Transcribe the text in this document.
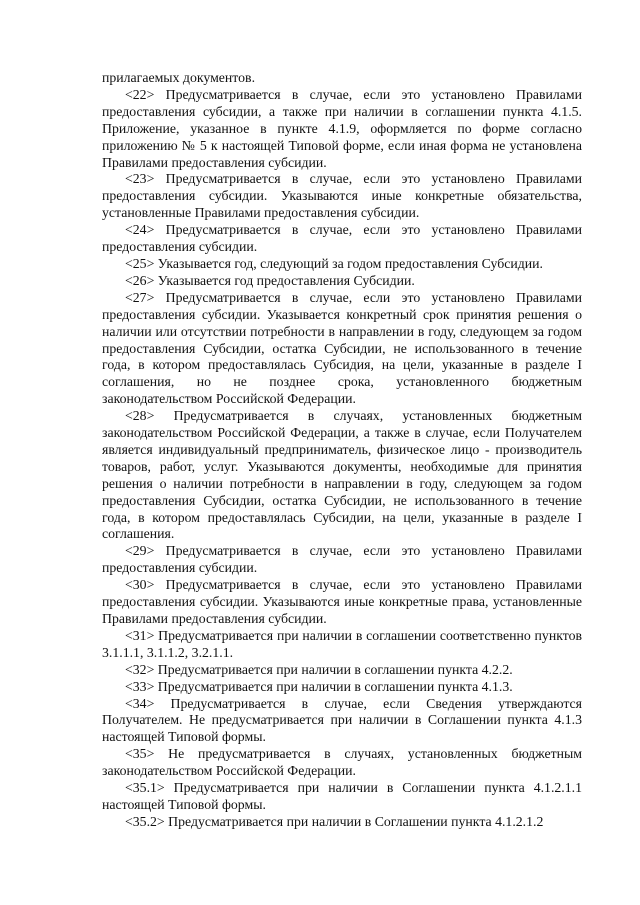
прилагаемых документов.

<22> Предусматривается в случае, если это установлено Правилами предоставления субсидии, а также при наличии в соглашении пункта 4.1.5. Приложение, указанное в пункте 4.1.9, оформляется по форме согласно приложению № 5 к настоящей Типовой форме, если иная форма не установлена Правилами предоставления субсидии.

<23> Предусматривается в случае, если это установлено Правилами предоставления субсидии. Указываются иные конкретные обязательства, установленные Правилами предоставления субсидии.

<24> Предусматривается в случае, если это установлено Правилами предоставления субсидии.

<25> Указывается год, следующий за годом предоставления Субсидии.

<26> Указывается год предоставления Субсидии.

<27> Предусматривается в случае, если это установлено Правилами предоставления субсидии. Указывается конкретный срок принятия решения о наличии или отсутствии потребности в направлении в году, следующем за годом предоставления Субсидии, остатка Субсидии, не использованного в течение года, в котором предоставлялась Субсидия, на цели, указанные в разделе I соглашения, но не позднее срока, установленного бюджетным законодательством Российской Федерации.

<28> Предусматривается в случаях, установленных бюджетным законодательством Российской Федерации, а также в случае, если Получателем является индивидуальный предприниматель, физическое лицо - производитель товаров, работ, услуг. Указываются документы, необходимые для принятия решения о наличии потребности в направлении в году, следующем за годом предоставления Субсидии, остатка Субсидии, не использованного в течение года, в котором предоставлялась Субсидии, на цели, указанные в разделе I соглашения.

<29> Предусматривается в случае, если это установлено Правилами предоставления субсидии.

<30> Предусматривается в случае, если это установлено Правилами предоставления субсидии. Указываются иные конкретные права, установленные Правилами предоставления субсидии.

<31> Предусматривается при наличии в соглашении соответственно пунктов 3.1.1.1, 3.1.1.2, 3.2.1.1.

<32> Предусматривается при наличии в соглашении пункта 4.2.2.

<33> Предусматривается при наличии в соглашении пункта 4.1.3.

<34> Предусматривается в случае, если Сведения утверждаются Получателем. Не предусматривается при наличии в Соглашении пункта 4.1.3 настоящей Типовой формы.

<35> Не предусматривается в случаях, установленных бюджетным законодательством Российской Федерации.

<35.1> Предусматривается при наличии в Соглашении пункта 4.1.2.1.1 настоящей Типовой формы.

<35.2> Предусматривается при наличии в Соглашении пункта 4.1.2.1.2
